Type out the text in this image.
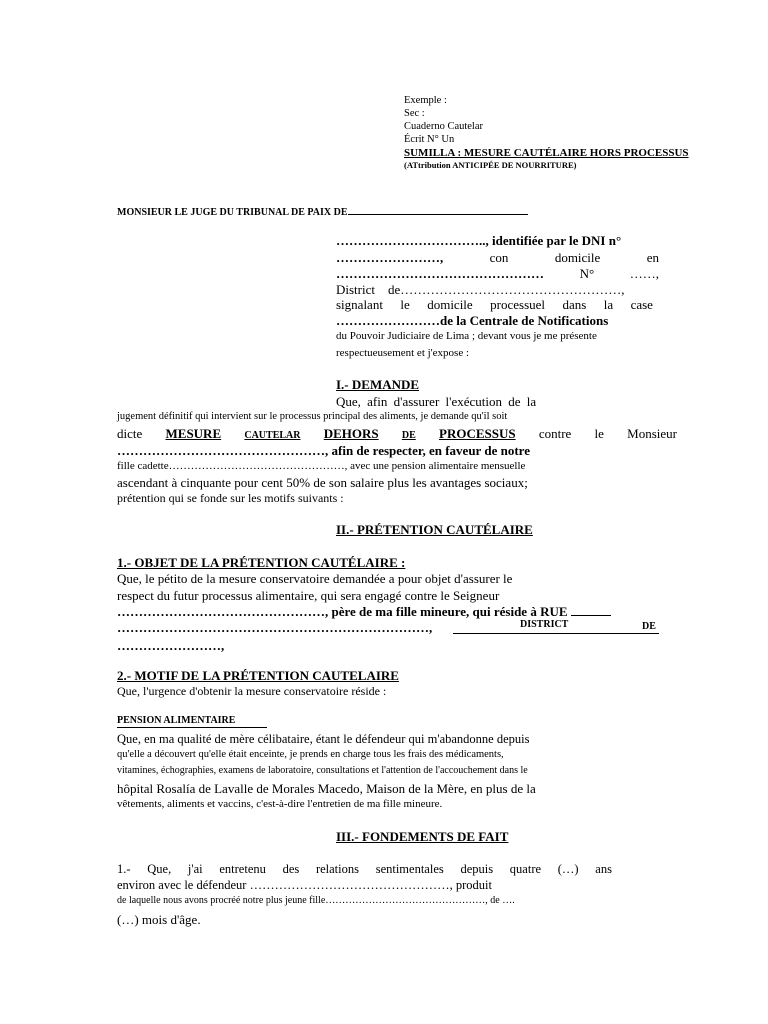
Exemple :
Sec :
Cuaderno Cautelar
Écrit N° Un
SUMILLA : MESURE CAUTÉLAIRE HORS PROCESSUS
(ATtribution ANTICIPÉE DE NOURRITURE)
MONSIEUR LE JUGE DU TRIBUNAL DE PAIX DE
…………………………….., identifiée par le DNI n°
……………………,	con	domicile	en
…………………………………………	N°	……,
District de……………………………………………,
signalant le domicile processuel dans la case
……………………de la Centrale de Notifications
du Pouvoir Judiciaire de Lima ; devant vous je me présente
respectueusement et j'expose :
I.- DEMANDE
Que, afin d'assurer l'exécution de la
jugement définitif qui intervient sur le processus principal des aliments, je demande qu'il soit
dicte MESURE CAUTELAR DEHORS DE PROCESSUS contre le Monsieur
…………………………………………, afin de respecter, en faveur de notre
fille cadette…………………………………………, avec une pension alimentaire mensuelle
ascendant à cinquante pour cent 50% de son salaire plus les avantages sociaux;
prétention qui se fonde sur les motifs suivants :
II.- PRÉTENTION CAUTÉLAIRE
1.- OBJET DE LA PRÉTENTION CAUTÉLAIRE :
Que, le pétito de la mesure conservatoire demandée a pour objet d'assurer le
respect du futur processus alimentaire, qui sera engagé contre le Seigneur
…………………………………………, père de ma fille mineure, qui réside à RUE
………………………………………………………………,	DISTRICT	DE
……………………,
2.- MOTIF DE LA PRÉTENTION CAUTELAIRE
Que, l'urgence d'obtenir la mesure conservatoire réside :
PENSION ALIMENTAIRE
Que, en ma qualité de mère célibataire, étant le défendeur qui m'abandonne depuis
qu'elle a découvert qu'elle était enceinte, je prends en charge tous les frais des médicaments,
vitamines, échographies, examens de laboratoire, consultations et l'attention de l'accouchement dans le
hôpital Rosalía de Lavalle de Morales Macedo, Maison de la Mère, en plus de la
vêtements, aliments et vaccins, c'est-à-dire l'entretien de ma fille mineure.
III.- FONDEMENTS DE FAIT
1.- Que, j'ai entretenu des relations sentimentales depuis quatre (…) ans
environ avec le défendeur …………………………………………, produit
de laquelle nous avons procréé notre plus jeune fille…………………………………………, de ….
(…) mois d'âge.
